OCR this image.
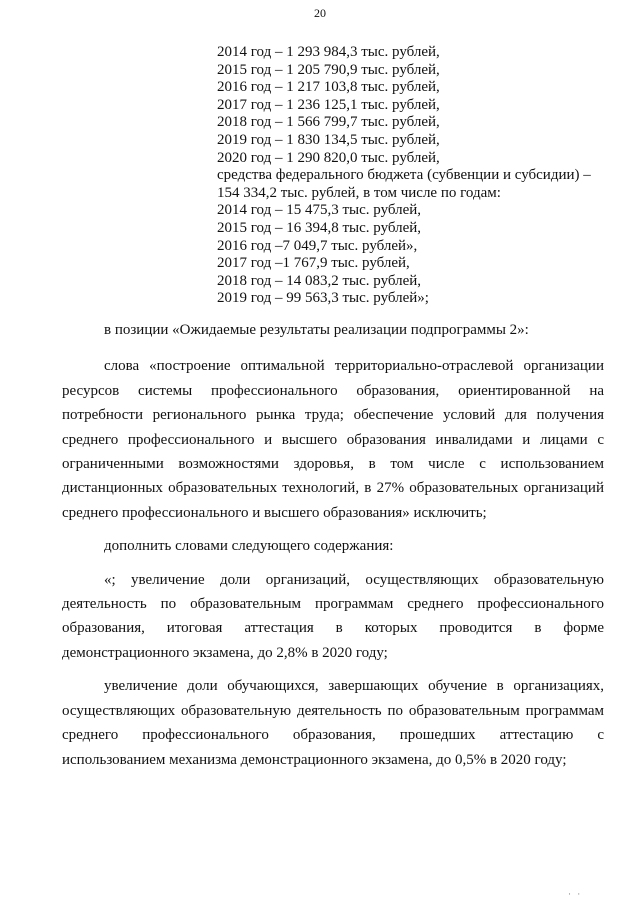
20
2014 год – 1 293 984,3 тыс. рублей,
2015 год – 1 205 790,9 тыс. рублей,
2016 год – 1 217 103,8 тыс. рублей,
2017 год – 1 236 125,1 тыс. рублей,
2018 год – 1 566 799,7 тыс. рублей,
2019 год – 1 830 134,5 тыс. рублей,
2020 год – 1 290 820,0 тыс. рублей,
средства федерального бюджета (субвенции и субсидии) –
154 334,2 тыс. рублей, в том числе по годам:
2014 год – 15 475,3 тыс. рублей,
2015 год – 16 394,8 тыс. рублей,
2016 год –7 049,7 тыс. рублей»,
2017 год –1 767,9 тыс. рублей,
2018 год – 14 083,2 тыс. рублей,
2019 год – 99 563,3 тыс. рублей»;

в позиции «Ожидаемые результаты реализации подпрограммы 2»:

слова «построение оптимальной территориально-отраслевой организации ресурсов системы профессионального образования, ориентированной на потребности регионального рынка труда; обеспечение условий для получения среднего профессионального и высшего образования инвалидами и лицами с ограниченными возможностями здоровья, в том числе с использованием дистанционных образовательных технологий, в 27% образовательных организаций среднего профессионального и высшего образования» исключить;

дополнить словами следующего содержания:

«; увеличение доли организаций, осуществляющих образовательную деятельность по образовательным программам среднего профессионального образования, итоговая аттестация в которых проводится в форме демонстрационного экзамена, до 2,8% в 2020 году;

увеличение доли обучающихся, завершающих обучение в организациях, осуществляющих образовательную деятельность по образовательным программам среднего профессионального образования, прошедших аттестацию с использованием механизма демонстрационного экзамена, до 0,5% в 2020 году;

· ·
